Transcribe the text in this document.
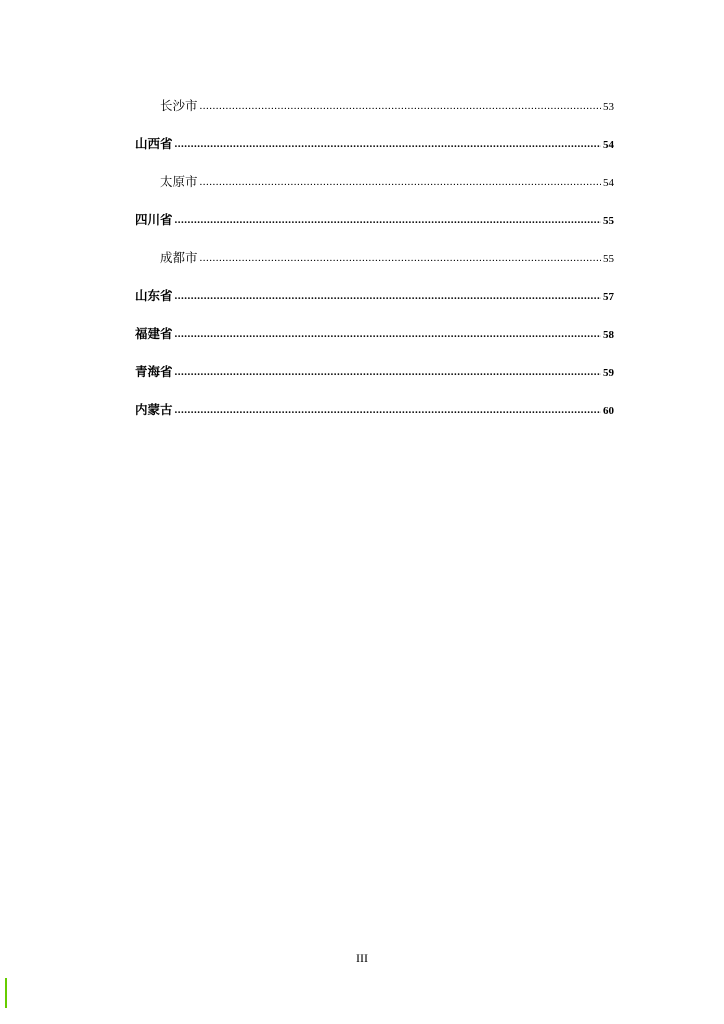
长沙市 .....	53
山西省 .....	54
太原市 .....	54
四川省 .....	55
成都市 .....	55
山东省 .....	57
福建省 .....	58
青海省 .....	59
内蒙古 .....	60
III
